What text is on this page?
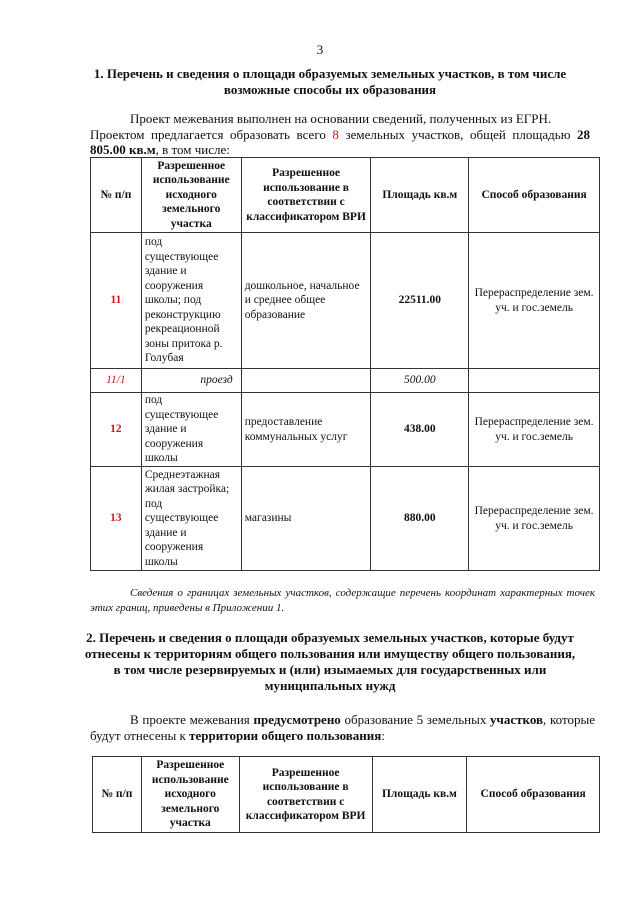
3
1. Перечень и сведения о площади образуемых земельных участков, в том числе возможные способы их образования

Проект межевания выполнен на основании сведений, полученных из ЕГРН.

Проектом предлагается образовать всего 8 земельных участков, общей площадью 28 805.00 кв.м, в том числе:

№ п/п	Разрешенное использование исходного земельного участка	Разрешенное использование в соответствии с классификатором ВРИ	Площадь кв.м	Способ образования
11	под существующее здание и сооружения школы; под реконструкцию рекреационной зоны притока р. Голубая	дошкольное, начальное и среднее общее образование	22511.00	Перераспределение зем. уч. и гос.земель
11/1	проезд		500.00	
12	под существующее здание и сооружения школы	предоставление коммунальных услуг	438.00	Перераспределение зем. уч. и гос.земель
13	Среднеэтажная жилая застройка; под существующее здание и сооружения школы	магазины	880.00	Перераспределение зем. уч. и гос.земель
Сведения о границах земельных участков, содержащие перечень координат характерных точек этих границ, приведены в Приложении 1.
2. Перечень и сведения о площади образуемых земельных участков, которые будут отнесены к территориям общего пользования или имуществу общего пользования, в том числе резервируемых и (или) изымаемых для государственных или муниципальных нужд

В проекте межевания предусмотрено образование 5 земельных участков, которые будут отнесены к территории общего пользования:

№ п/п	Разрешенное использование исходного земельного участка	Разрешенное использование в соответствии с классификатором ВРИ	Площадь кв.м	Способ образования
